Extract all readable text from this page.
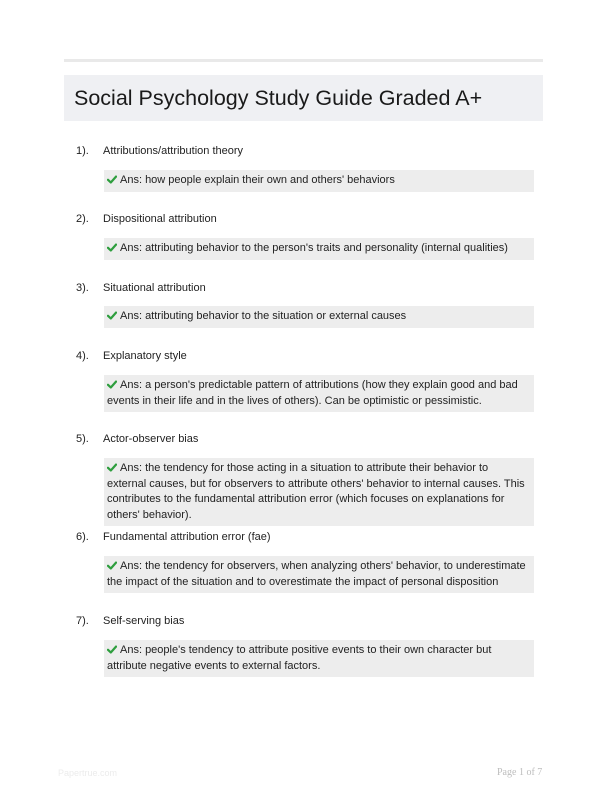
Social Psychology Study Guide Graded A+
1). Attributions/attribution theory
Ans: how people explain their own and others' behaviors
2). Dispositional attribution
Ans: attributing behavior to the person's traits and personality (internal qualities)
3). Situational attribution
Ans: attributing behavior to the situation or external causes
4). Explanatory style
Ans: a person's predictable pattern of attributions (how they explain good and bad events in their life and in the lives of others). Can be optimistic or pessimistic.
5). Actor-observer bias
Ans: the tendency for those acting in a situation to attribute their behavior to external causes, but for observers to attribute others' behavior to internal causes. This contributes to the fundamental attribution error (which focuses on explanations for others' behavior).
6). Fundamental attribution error (fae)
Ans: the tendency for observers, when analyzing others' behavior, to underestimate the impact of the situation and to overestimate the impact of personal disposition
7). Self-serving bias
Ans: people's tendency to attribute positive events to their own character but attribute negative events to external factors.
Papertrue.com	Page 1 of 7
